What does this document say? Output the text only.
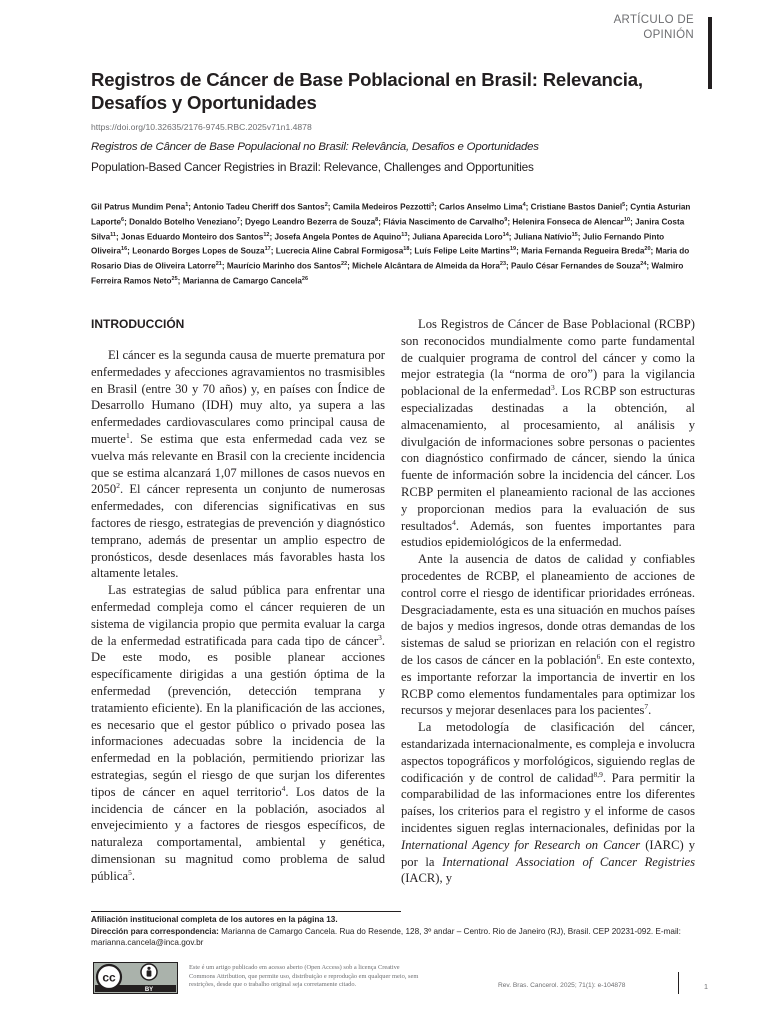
ARTÍCULO DE
OPINIÓN
Registros de Cáncer de Base Poblacional en Brasil: Relevancia, Desafíos y Oportunidades
https://doi.org/10.32635/2176-9745.RBC.2025v71n1.4878
Registros de Câncer de Base Populacional no Brasil: Relevância, Desafios e Oportunidades
Population-Based Cancer Registries in Brazil: Relevance, Challenges and Opportunities

Gil Patrus Mundim Pena$^1$; Antonio Tadeu Cheriff dos Santos$^2$; Camila Medeiros Pezzotti$^3$; Carlos Anselmo Lima$^4$; Cristiane Bastos Daniel$^5$; Cyntia Asturian Laporte$^6$; Donaldo Botelho Veneziano$^7$; Dyego Leandro Bezerra de Souza$^8$; Flávia Nascimento de Carvalho$^9$; Helenira Fonseca de Alencar$^{10}$; Janira Costa Silva$^{11}$; Jonas Eduardo Monteiro dos Santos$^{12}$; Josefa Angela Pontes de Aquino$^{13}$; Juliana Aparecida Loro$^{14}$; Juliana Natívio$^{15}$; Julio Fernando Pinto Oliveira$^{16}$; Leonardo Borges Lopes de Souza$^{17}$; Lucrecia Aline Cabral Formigosa$^{18}$; Luís Felipe Leite Martins$^{19}$; Maria Fernanda Regueira Breda$^{20}$; Maria do Rosario Dias de Oliveira Latorre$^{21}$; Maurício Marinho dos Santos$^{22}$; Michele Alcântara de Almeida da Hora$^{23}$; Paulo César Fernandes de Souza$^{24}$; Walmiro Ferreira Ramos Neto$^{25}$; Marianna de Camargo Cancela$^{26}$

INTRODUCCIÓN

El cáncer es la segunda causa de muerte prematura por enfermedades y afecciones agravamientos no trasmisibles en Brasil (entre 30 y 70 años) y, en países con Índice de Desarrollo Humano (IDH) muy alto, ya supera a las enfermedades cardiovasculares como principal causa de muerte$^1$. Se estima que esta enfermedad cada vez se vuelva más relevante en Brasil con la creciente incidencia que se estima alcanzará 1,07 millones de casos nuevos en 2050$^2$. El cáncer representa un conjunto de numerosas enfermedades, con diferencias significativas en sus factores de riesgo, estrategias de prevención y diagnóstico temprano, además de presentar un amplio espectro de pronósticos, desde desenlaces más favorables hasta los altamente letales.

Las estrategias de salud pública para enfrentar una enfermedad compleja como el cáncer requieren de un sistema de vigilancia propio que permita evaluar la carga de la enfermedad estratificada para cada tipo de cáncer$^3$. De este modo, es posible planear acciones específicamente dirigidas a una gestión óptima de la enfermedad (prevención, detección temprana y tratamiento eficiente). En la planificación de las acciones, es necesario que el gestor público o privado posea las informaciones adecuadas sobre la incidencia de la enfermedad en la población, permitiendo priorizar las estrategias, según el riesgo de que surjan los diferentes tipos de cáncer en aquel territorio$^4$. Los datos de la incidencia de cáncer en la población, asociados al envejecimiento y a factores de riesgos específicos, de naturaleza comportamental, ambiental y genética, dimensionan su magnitud como problema de salud pública$^5$.

Los Registros de Cáncer de Base Poblacional (RCBP) son reconocidos mundialmente como parte fundamental de cualquier programa de control del cáncer y como la mejor estrategia (la “norma de oro”) para la vigilancia poblacional de la enfermedad$^3$. Los RCBP son estructuras especializadas destinadas a la obtención, al almacenamiento, al procesamiento, al análisis y divulgación de informaciones sobre personas o pacientes con diagnóstico confirmado de cáncer, siendo la única fuente de información sobre la incidencia del cáncer. Los RCBP permiten el planeamiento racional de las acciones y proporcionan medios para la evaluación de sus resultados$^4$. Además, son fuentes importantes para estudios epidemiológicos de la enfermedad.

Ante la ausencia de datos de calidad y confiables procedentes de RCBP, el planeamiento de acciones de control corre el riesgo de identificar prioridades erróneas. Desgraciadamente, esta es una situación en muchos países de bajos y medios ingresos, donde otras demandas de los sistemas de salud se priorizan en relación con el registro de los casos de cáncer en la población$^6$. En este contexto, es importante reforzar la importancia de invertir en los RCBP como elementos fundamentales para optimizar los recursos y mejorar desenlaces para los pacientes$^7$.

La metodología de clasificación del cáncer, estandarizada internacionalmente, es compleja e involucra aspectos topográficos y morfológicos, siguiendo reglas de codificación y de control de calidad$^{8,9}$. Para permitir la comparabilidad de las informaciones entre los diferentes países, los criterios para el registro y el informe de casos incidentes siguen reglas internacionales, definidas por la International Agency for Research on Cancer (IARC) y por la International Association of Cancer Registries (IACR), y

Afiliación institucional completa de los autores en la página 13.
Dirección para correspondencia: Marianna de Camargo Cancela. Rua do Resende, 128, 3º andar – Centro. Rio de Janeiro (RJ), Brasil. CEP 20231-092. E-mail: marianna.cancela@inca.gov.br
cc
BY
Este é um artigo publicado em acesso aberto (Open Access) sob a licença Creative Commons Attribution, que permite uso, distribuição e reprodução em qualquer meio, sem restrições, desde que o trabalho original seja corretamente citado.	Rev. Bras. Cancerol. 2025; 71(1): e-104878	1
